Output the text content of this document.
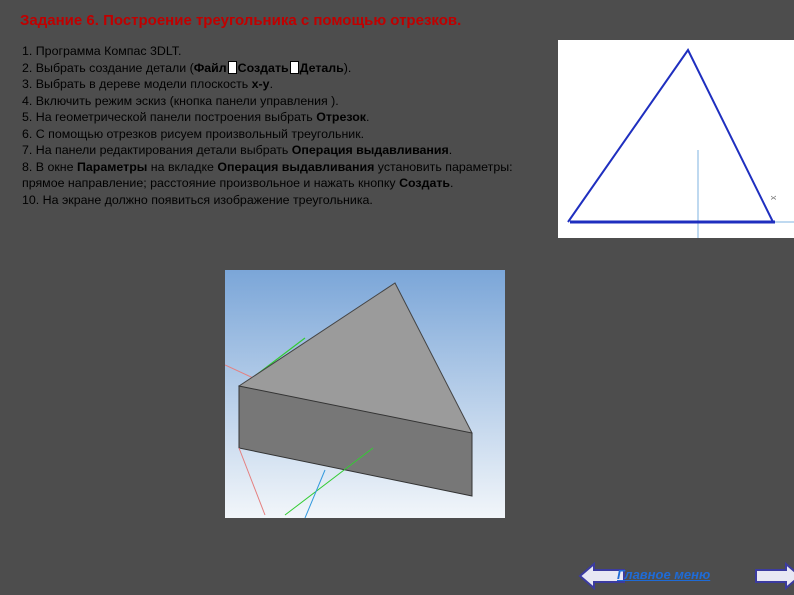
Задание 6. Построение треугольника с помощью отрезков.
1. Программа Компас 3DLT.
2. Выбрать создание детали (Файл Создать Деталь).
3. Выбрать в дереве модели плоскость x-y.
4. Включить режим эскиз (кнопка панели управления ).
5. На геометрической панели построения выбрать Отрезок.
6. С помощью отрезков рисуем произвольный треугольник.
7. На панели редактирования детали выбрать Операция выдавливания.
8. В окне Параметры на вкладке Операция выдавливания установить параметры: прямое направление; расстояние произвольное и нажать кнопку Создать.
10. На экране должно появиться изображение треугольника.	x
Главное меню
